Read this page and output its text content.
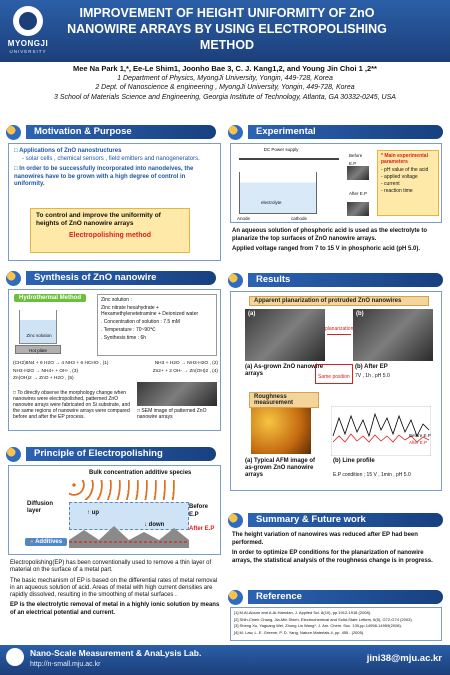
MYONGJI
UNIVERSITY
IMPROVEMENT OF HEIGHT UNIFORMITY OF ZnO NANOWIRE ARRAYS BY USING ELECTROPOLISHING METHOD
Mee Na Park 1,*, Ee-Le Shim1, Joonho Bae 3, C. J. Kang1,2, and Young Jin Choi 1 ,2**
1 Department of Physics, MyongJi University, Yongin, 449-728, Korea
2 Dept. of Nanoscience & engineering , MyongJi University, Yongin, 449-728, Korea
3 School of Materials Science and Engineering, Georgia Institute of Technology, Atlanta, GA 30332-0245, USA
Motivation & Purpose
□ Applications of ZnO nanostructures
- solar cells , chemical sensors , field emitters and nanogenerators.
□ In order to be successfully incorporated into nanodeives, the nanowires have to be grown with a high degree of control in uniformity.
To control and improve the uniformity of heights of ZnO nanowire arrays
Electropolishing method
Synthesis of ZnO nanowire
Hydrothermal Method
Zinc solution
Hot plate
Zinc solution :
Zinc nitrate hexahydrate + Hexamethylenetetramine + Deionized water
. Concentration of solution : 7.5 mM
. Temperature : 70~90℃
. Synthesis time : 6h
(CH2)6N4 + 6 H2O → 4 NH3 + 6 HCHO , (1)	NH3 + H2O → NH3·H2O , (2)
NH3·H2O → NH4+ + OH- , (3)	Zn2+ + 2 OH- → Zn(OH)2 , (4)
Zn(OH)2 → ZnO + H2O , (5)
□ To directly observe the morphology change when nanowires were electropolished, patterned ZnO nanowire arrays were fabricated on Si substrate, and the same regions of nanowire arrays were compared before and after the EP process.
□ SEM image of patterned ZnO nanowire arrays
Principle of Electropolishing
Bulk concentration additive species
Diffusion layer	↑ up
↓ down
Before E.P
After E.P
● Additives
Electropolishing(EP) has been conventionally used to remove a thin layer of material on the surface of a metal part.
The basic mechanism of EP is based on the differential rates of metal removal in an aqueous solution of acid. Areas of metal with high current densities are rapidly dissolved, resulting in the smoothing of metal surfaces .
EP is the electrolytic removal of metal in a highly ionic solution by means of an electrical potential and current.
Experimental
DC Power supply
electrolyte
Anode	cathode
Before E.P
After E.P
* Main experimental parameters
- pH value of the acid
- applied voltage
- current
- reaction time
An aqueous solution of phosphoric acid is used as the electrolyte to planarize the top surfaces of ZnO nanowire arrays.
Applied voltage ranged from 7 to 15 V in phosphoric acid (pH 5.0).
Results
Apparent planarization of protruded ZnO nanowires
(a)	(b)
planarization
(a) As-grown ZnO nanowire arrays	Same position
(b) After EP
7V , 1h , pH 5.0
Roughness measurement
Before E.P
After E.P
(a) Typical AFM image of as-grown ZnO nanowire arrays
(b) Line profile
E.P condition ; 15 V , 1min , pH 5.0
Summary & Future work
The height variation of nanowires was reduced after EP had been performed.
In order to optimize EP conditions for the planarization of nanowire arrays, the statistical analysis of the roughness change is in progress.
Reference
[1] M.Al-Aloum and A.Al-Hamdan, J. Applied Sci. 8(10), pp.1912-1918 (2008).
[2] Shih-Chieh Chang, Jia-Min Shieh, Electrochemical and Solid-State Letters, 6(5), G72-G74 (2003).
[3] Sheng Xu, Yaguang Wei, Zhong Lin Wang*, J. Am. Chem. Soc. 130,pp.14958-14959(2008).
[4] M. Law, L. E. Greene, P. D. Yang, Nature Materials 4, pp. 455 . (2005).
Nano-Scale Measurement & AnaLysis Lab.
http://n-small.mju.ac.kr
jini38@mju.ac.kr
